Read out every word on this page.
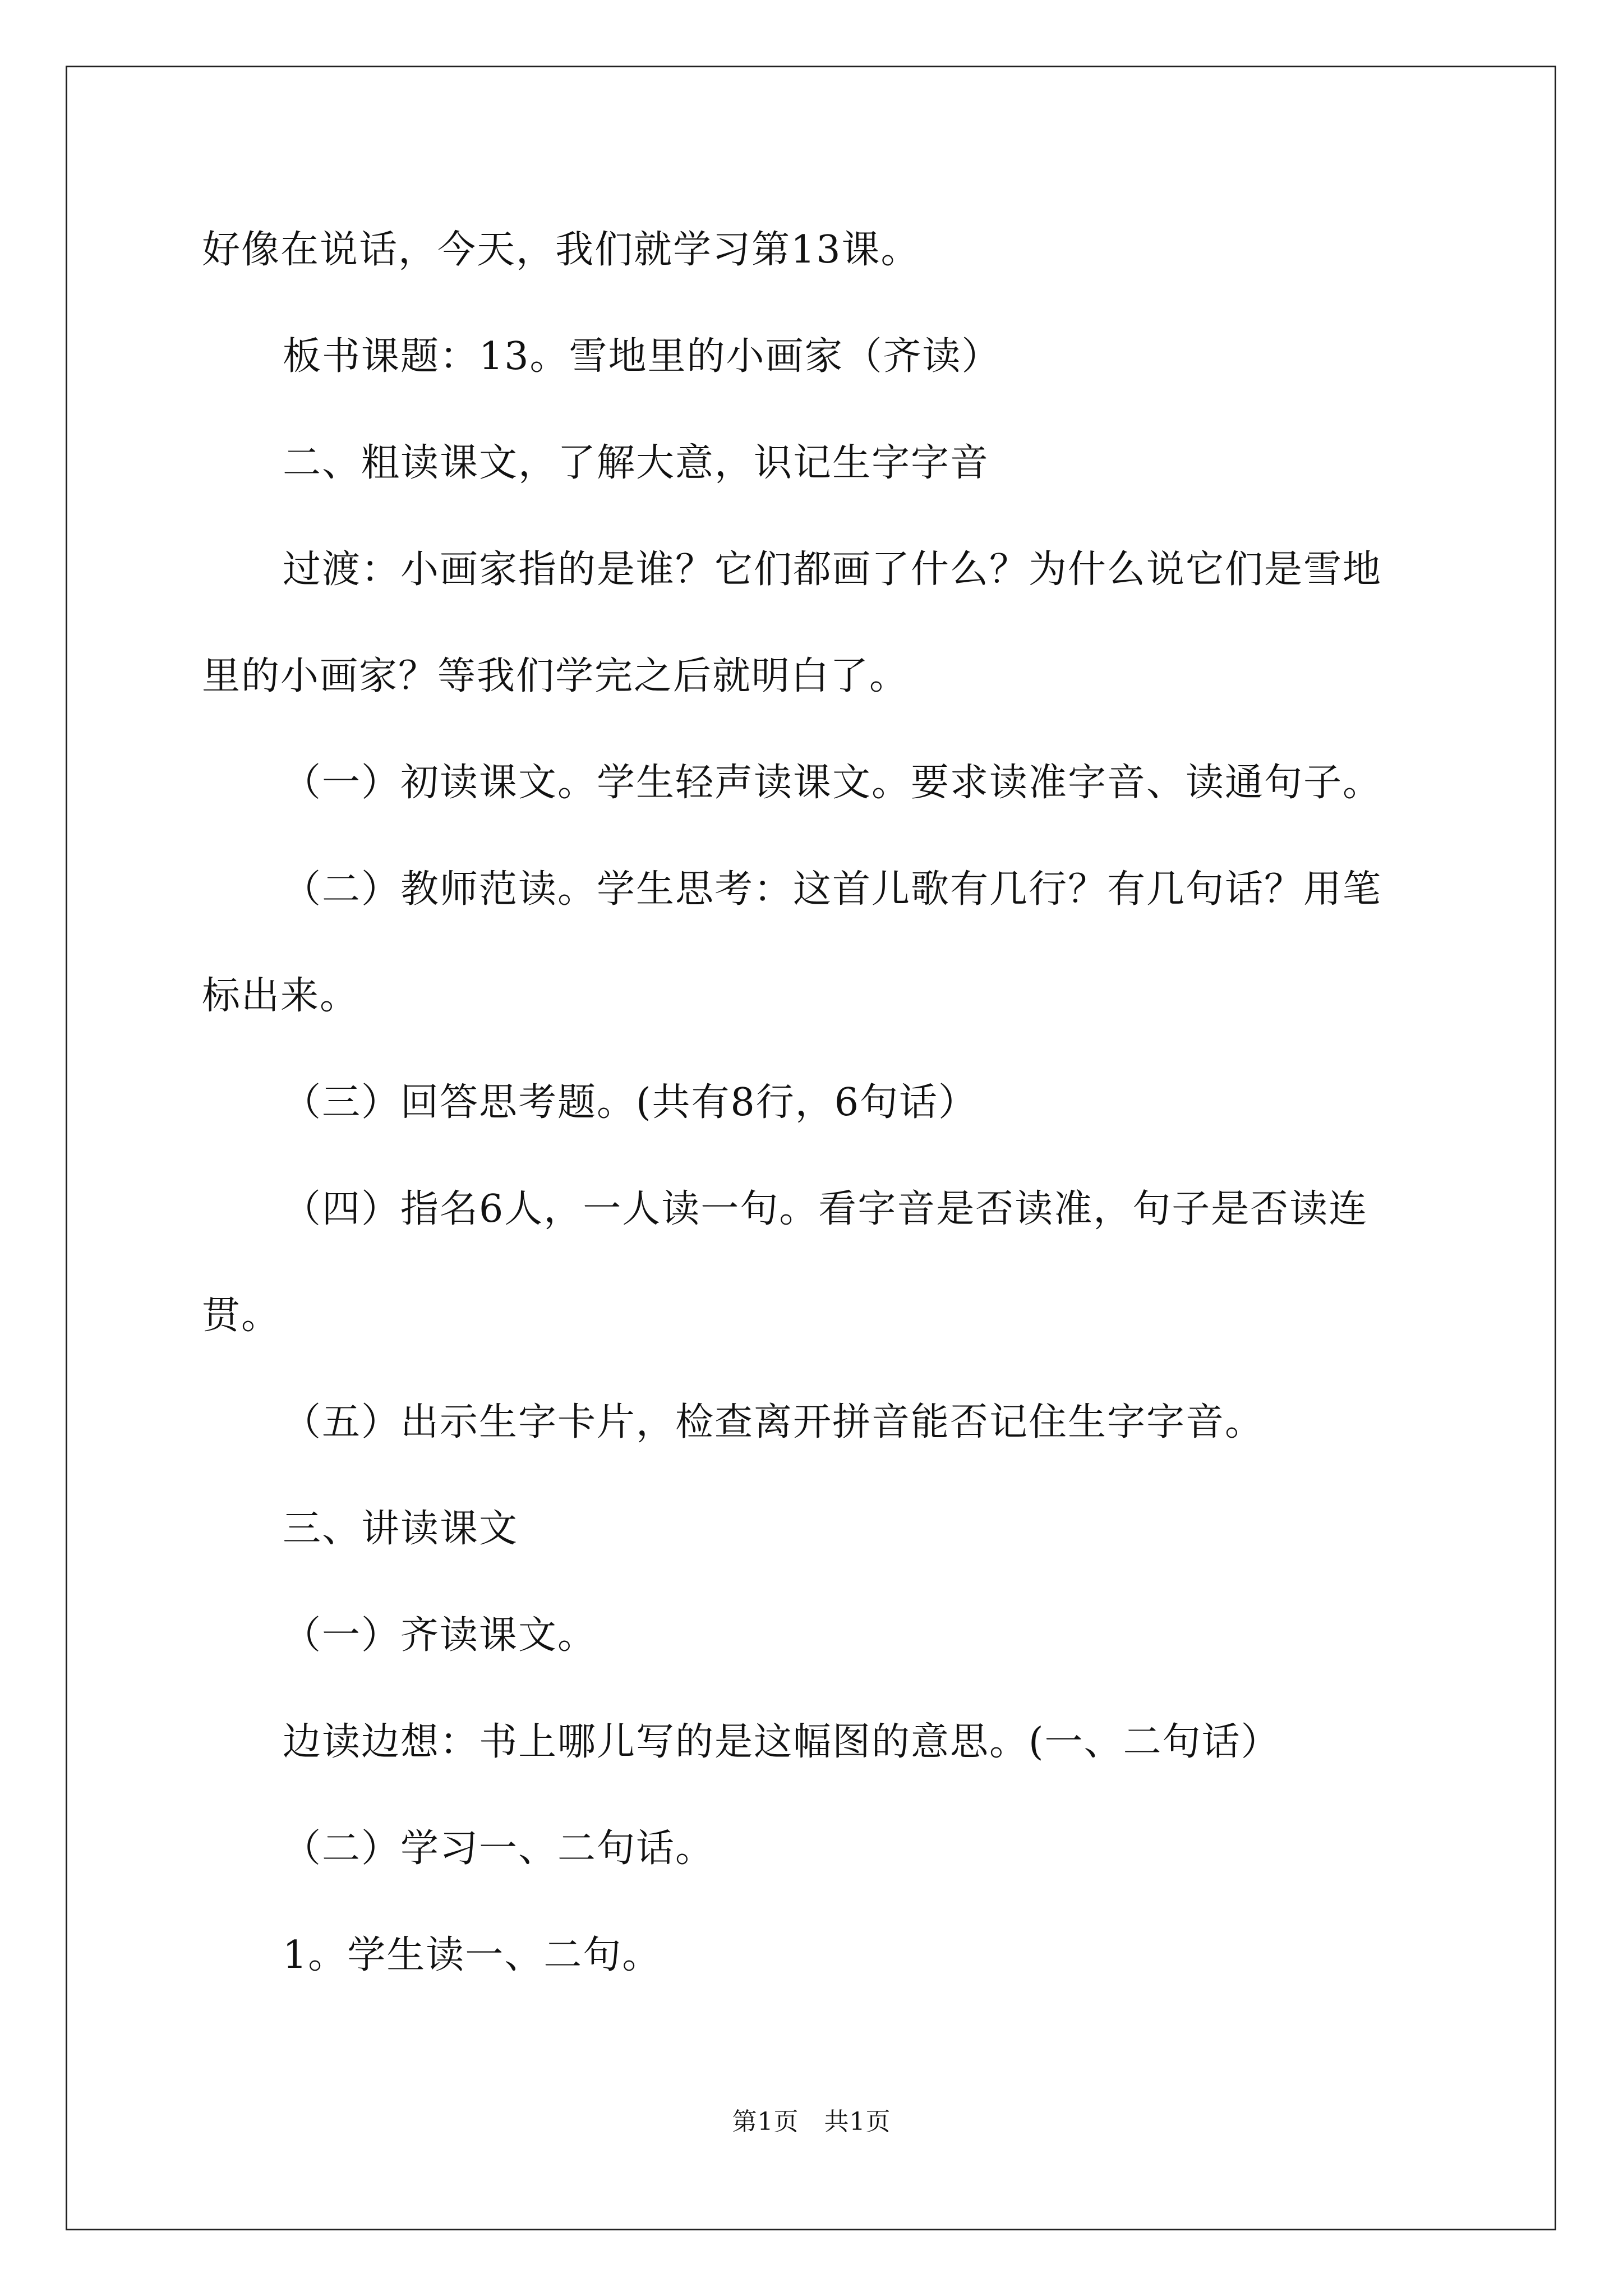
好像在说话，今天，我们就学习第13课。
板书课题：13。雪地里的小画家（齐读）
二、粗读课文，了解大意，识记生字字音
过渡：小画家指的是谁？它们都画了什么？为什么说它们是雪地
里的小画家？等我们学完之后就明白了。
（一）初读课文。学生轻声读课文。要求读准字音、读通句子。
（二）教师范读。学生思考：这首儿歌有几行？有几句话？用笔
标出来。
（三）回答思考题。(共有8行，6句话）
（四）指名6人，一人读一句。看字音是否读准，句子是否读连
贯。
（五）出示生字卡片，检查离开拼音能否记住生字字音。
三、讲读课文
（一）齐读课文。
边读边想：书上哪儿写的是这幅图的意思。(一、二句话）
（二）学习一、二句话。
1。学生读一、二句。
第1页　共1页
